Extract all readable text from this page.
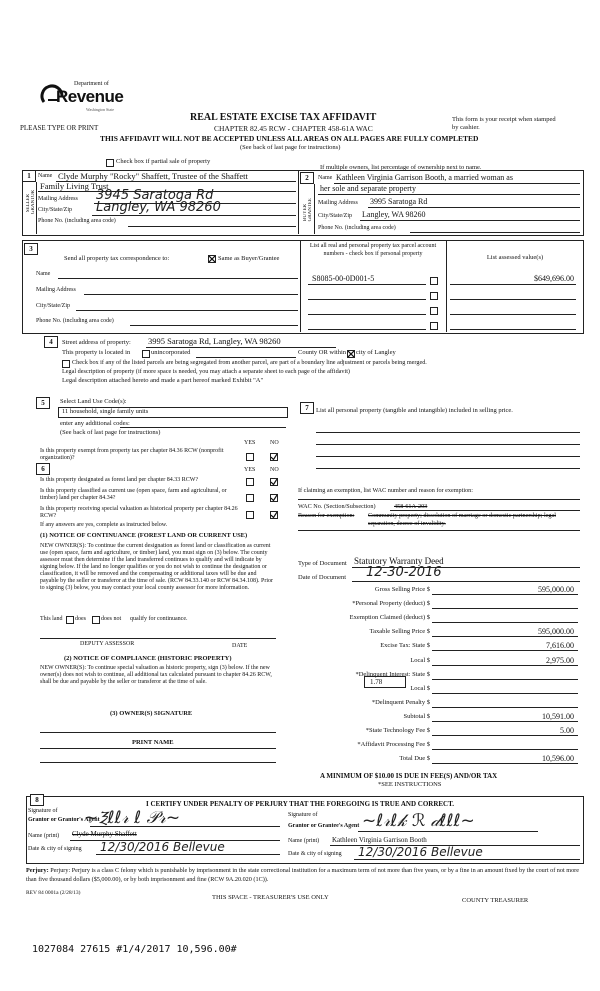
Department of
Revenue
Washington State
PLEASE TYPE OR PRINT
REAL ESTATE EXCISE TAX AFFIDAVIT
CHAPTER 82.45 RCW - CHAPTER 458-61A WAC
THIS AFFIDAVIT WILL NOT BE ACCEPTED UNLESS ALL AREAS ON ALL PAGES ARE FULLY COMPLETED
(See back of last page for instructions)
This form is your receipt when stamped by cashier.
Check box if partial sale of property
If multiple owners, list percentage of ownership next to name.
1
SELLER GRANTOR
Name Clyde Murphy "Rocky" Shaffett, Trustee of the Shaffett
Family Living Trust
Mailing Address 3945 Saratoga Rd
City/State/Zip Langley, WA 98260
Phone No. (including area code)
2
BUYER GRANTEE
Name Kathleen Virginia Garrison Booth, a married woman as
her sole and separate property
Mailing Address 3995 Saratoga Rd
City/State/Zip Langley, WA 98260
Phone No. (including area code)
3
Send all property tax correspondence to:	Same as Buyer/Grantee
Name
Mailing Address
City/State/Zip
Phone No. (including area code)
List all real and personal property tax parcel account numbers - check box if personal property
List assessed value(s)
S8085-00-0D001-5	$649,696.00
4	Street address of property: 3995 Saratoga Rd, Langley, WA 98260
This property is located in	unincorporated	County OR within city of Langley
Check box if any of the listed parcels are being segregated from another parcel, are part of a boundary line adjustment or parcels being merged.
Legal description of property (if more space is needed, you may attach a separate sheet to each page of the affidavit)
Legal description attached hereto and made a part hereof marked Exhibit "A"
5	Select Land Use Code(s):
11 household, single family units
enter any additional codes:
(See back of last page for instructions)
YES NO
Is this property exempt from property tax per chapter 84.36 RCW (nonprofit organization)?
7	List all personal property (tangible and intangible) included in selling price.
6	YES NO
Is this property designated as forest land per chapter 84.33 RCW?
Is this property classified as current use (open space, farm and agricultural, or timber) land per chapter 84.34?
Is this property receiving special valuation as historical property per chapter 84.26 RCW?
If any answers are yes, complete as instructed below.
(1) NOTICE OF CONTINUANCE (FOREST LAND OR CURRENT USE)
NEW OWNER(S): To continue the current designation as forest land or classification as current use (open space, farm and agriculture, or timber) land, you must sign on (3) below. The county assessor must then determine if the land transferred continues to qualify and will indicate by signing below. If the land no longer qualifies or you do not wish to continue the designation or classification, it will be removed and the compensating or additional taxes will be due and payable by the seller or transferor at the time of sale. (RCW 84.33.140 or RCW 84.34.108). Prior to signing (3) below, you may contact your local county assessor for more information.
This land does	does not qualify for continuance.
DEPUTY ASSESSOR	DATE
(2) NOTICE OF COMPLIANCE (HISTORIC PROPERTY)
NEW OWNER(S): To continue special valuation as historic property, sign (3) below. If the new owner(s) does not wish to continue, all additional tax calculated pursuant to chapter 84.26 RCW, shall be due and payable by the seller or transferor at the time of sale.
(3) OWNER(S) SIGNATURE
PRINT NAME
If claiming an exemption, list WAC number and reason for exemption:
WAC No. (Section/Subsection)	458-61A-203
Reason for exemption: Community property; dissolution of marriage or domestic partnership; legal separation, decree of invalidity.
Type of Document Statutory Warranty Deed
Date of Document 12-30-2016
Gross Selling Price $	595,000.00
*Personal Property (deduct) $
Exemption Claimed (deduct) $
Taxable Selling Price $	595,000.00
Excise Tax: State $	7,616.00
Local $	2,975.00
*Delinquent Interest: State $
Local $
*Delinquent Penalty $
Subtotal $	10,591.00
*State Technology Fee $	5.00
*Affidavit Processing Fee $
Total Due $	10,596.00
1.78
A MINIMUM OF $10.00 IS DUE IN FEE(S) AND/OR TAX
*SEE INSTRUCTIONS
8	I CERTIFY UNDER PENALTY OF PERJURY THAT THE FOREGOING IS TRUE AND CORRECT.
Signature of
Grantor or Grantor's Agent
~Ⲝℓℓ𝓇 ℓ 𝒫𝓇~
Name (print) Clyde Murphy Shaffett
Date & city of signing 12/30/2016 Bellevue
Signature of
Grantor or Grantee's Agent ~ℓ𝓇ℓ𝓀 ℛ 𝒹ℓℓℓ~
Name (print) Kathleen Virginia Garrison Booth
Date & city of signing 12/30/2016 Bellevue
Perjury: Perjury: Perjury is a class C felony which is punishable by imprisonment in the state correctional institution for a maximum term of not more than five years, or by a fine in an amount fixed by the court of not more than five thousand dollars ($5,000.00), or by both imprisonment and fine (RCW 9A.20.020 (1C)).
REV 84 0001a (2/28/13)
THIS SPACE - TREASURER'S USE ONLY	COUNTY TREASURER
1027084 27615 #1/4/2017 10,596.00#
